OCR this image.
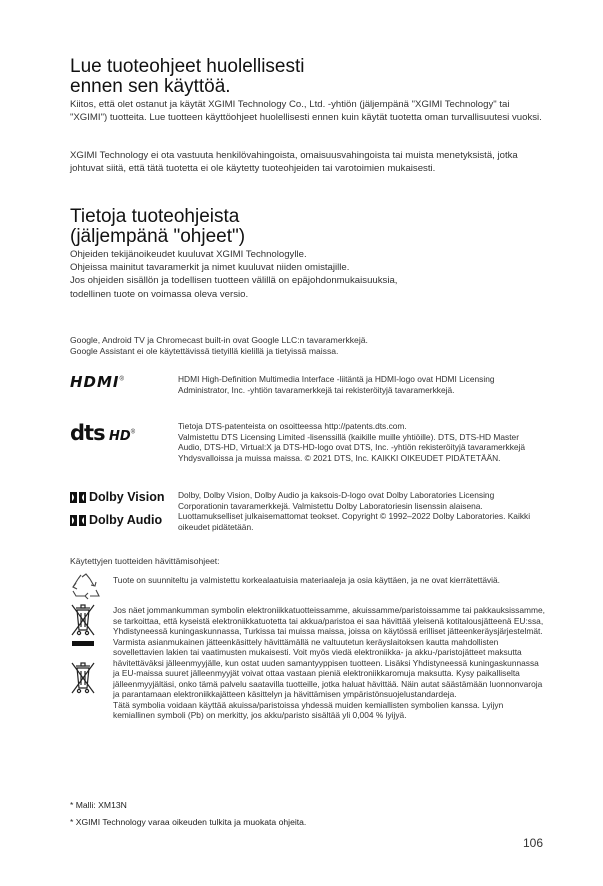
Lue tuoteohjeet huolellisesti
ennen sen käyttöä.

Kiitos, että olet ostanut ja käytät XGIMI Technology Co., Ltd. -yhtiön (jäljempänä "XGIMI Technology" tai "XGIMI") tuotteita. Lue tuotteen käyttöohjeet huolellisesti ennen kuin käytät tuotetta oman turvallisuutesi vuoksi.

XGIMI Technology ei ota vastuuta henkilövahingoista, omaisuusvahingoista tai muista menetyksistä, jotka johtuvat siitä, että tätä tuotetta ei ole käytetty tuoteohjeiden tai varotoimien mukaisesti.

Tietoja tuoteohjeista
(jäljempänä "ohjeet")
Ohjeiden tekijänoikeudet kuuluvat XGIMI Technologylle.
Ohjeissa mainitut tavaramerkit ja nimet kuuluvat niiden omistajille.
Jos ohjeiden sisällön ja todellisen tuotteen välillä on epäjohdonmukaisuuksia,
todellinen tuote on voimassa oleva versio.
Google, Android TV ja Chromecast built-in ovat Google LLC:n tavaramerkkejä.
Google Assistant ei ole käytettävissä tietyillä kielillä ja tietyissä maissa.
HDMI®	HDMI High-Definition Multimedia Interface -liitäntä ja HDMI-logo ovat HDMI Licensing Administrator, Inc. -yhtiön tavaramerkkejä tai rekisteröityjä tavaramerkkejä.

dts HD®
Tietoja DTS-patenteista on osoitteessa http://patents.dts.com.
Valmistettu DTS Licensing Limited -lisenssillä (kaikille muille yhtiöille). DTS, DTS-HD Master Audio, DTS-HD, Virtual:X ja DTS-HD-logo ovat DTS, Inc. -yhtiön rekisteröityjä tavaramerkkejä Yhdysvalloissa ja muissa maissa. © 2021 DTS, Inc. KAIKKI OIKEUDET PIDÄTETÄÄN.
Dolby Vision
Dolby Audio

Dolby, Dolby Vision, Dolby Audio ja kaksois-D-logo ovat Dolby Laboratories Licensing Corporationin tavaramerkkejä. Valmistettu Dolby Laboratoriesin lisenssin alaisena. Luottamukselliset julkaisemattomat teokset. Copyright © 1992–2022 Dolby Laboratories. Kaikki oikeudet pidätetään.

Käytettyjen tuotteiden hävittämisohjeet:

Tuote on suunniteltu ja valmistettu korkealaatuisia materiaaleja ja osia käyttäen, ja ne ovat kierrätettäviä.

Jos näet jommankumman symbolin elektroniikkatuotteissamme, akuissamme/paristoissamme tai pakkauksissamme, se tarkoittaa, että kyseistä elektroniikkatuotetta tai akkua/paristoa ei saa hävittää yleisenä kotitalousjätteenä EU:ssa, Yhdistyneessä kuningaskunnassa, Turkissa tai muissa maissa, joissa on käytössä erilliset jätteenkeräysjärjestelmät. Varmista asianmukainen jätteenkäsittely hävittämällä ne valtuutetun keräyslaitoksen kautta mahdollisten sovellettavien lakien tai vaatimusten mukaisesti. Voit myös viedä elektroniikka- ja akku-/paristojätteet maksutta hävitettäväksi jälleenmyyjälle, kun ostat uuden samantyyppisen tuotteen. Lisäksi Yhdistyneessä kuningaskunnassa ja EU-maissa suuret jälleenmyyjät voivat ottaa vastaan pieniä elektroniikkaromuja maksutta. Kysy paikalliselta jälleenmyyjältäsi, onko tämä palvelu saatavilla tuotteille, jotka haluat hävittää. Näin autat säästämään luonnonvaroja ja parantamaan elektroniikkajätteen käsittelyn ja hävittämisen ympäristönsuojelustandardeja.
Tätä symbolia voidaan käyttää akuissa/paristoissa yhdessä muiden kemiallisten symbolien kanssa. Lyijyn kemiallinen symboli (Pb) on merkitty, jos akku/paristo sisältää yli 0,004 % lyijyä.

* Malli: XM13N

* XGIMI Technology varaa oikeuden tulkita ja muokata ohjeita.

106
